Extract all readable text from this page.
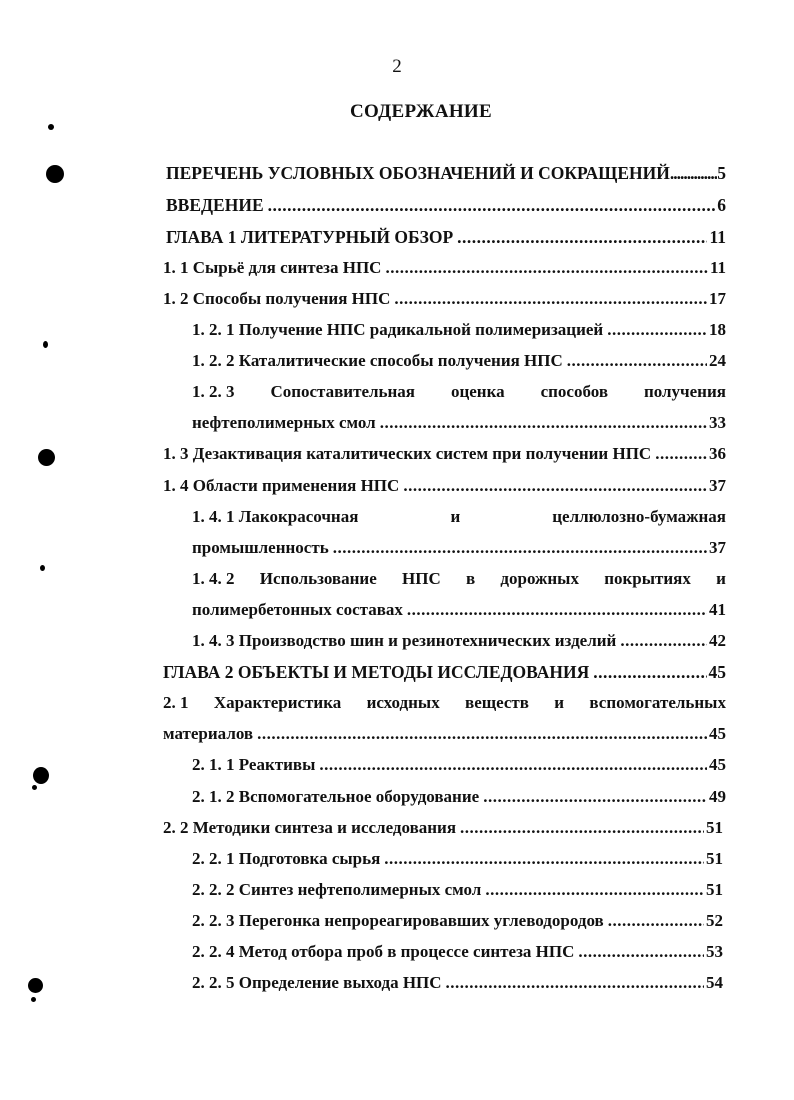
2
СОДЕРЖАНИЕ
ПЕРЕЧЕНЬ УСЛОВНЫХ ОБОЗНАЧЕНИЙ И СОКРАЩЕНИЙ .....	5
ВВЕДЕНИЕ .....	6
ГЛАВА 1 ЛИТЕРАТУРНЫЙ ОБЗОР .....	11
1. 1 Сырьё для синтеза НПС .....	11
1. 2 Способы получения НПС .....	17
1. 2. 1 Получение НПС радикальной полимеризацией .....	18
1. 2. 2 Каталитические способы получения НПС .....	24
1. 2. 3 Сопоставительная оценка способов получения
нефтеполимерных смол .....	33
1. 3 Дезактивация каталитических систем при получении НПС .....	36
1. 4 Области применения НПС .....	37
1. 4. 1 Лакокрасочная	и	целлюлозно-бумажная
промышленность .....	37
1. 4. 2 Использование НПС в дорожных покрытиях и
полимербетонных составах .....	41
1. 4. 3 Производство шин и резинотехнических изделий .....	42
ГЛАВА 2 ОБЪЕКТЫ И МЕТОДЫ ИССЛЕДОВАНИЯ .....	45
2. 1 Характеристика исходных веществ и вспомогательных
материалов .....	45
2. 1. 1 Реактивы .....	45
2. 1. 2 Вспомогательное оборудование .....	49
2. 2 Методики синтеза и исследования .....	51
2. 2. 1 Подготовка сырья .....	51
2. 2. 2 Синтез нефтеполимерных смол .....	51
2. 2. 3 Перегонка непрореагировавших углеводородов .....	52
2. 2. 4 Метод отбора проб в процессе синтеза НПС .....	53
2. 2. 5 Определение выхода НПС .....	54
